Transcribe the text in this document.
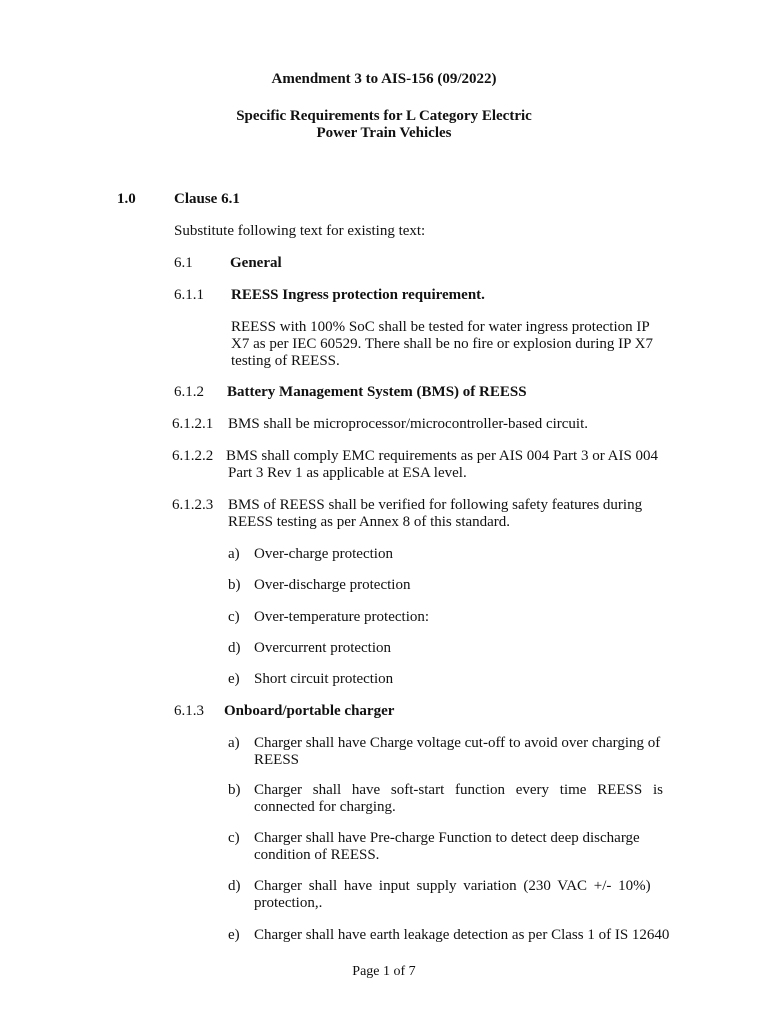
Amendment 3 to AIS-156 (09/2022)
Specific Requirements for L Category Electric
Power Train Vehicles
1.0	Clause 6.1
Substitute following text for existing text:
6.1 General
6.1.1 REESS Ingress protection requirement.
REESS with 100% SoC shall be tested for water ingress protection IP
X7 as per IEC 60529. There shall be no fire or explosion during IP X7
testing of REESS.
6.1.2 Battery Management System (BMS) of REESS
6.1.2.1 BMS shall be microprocessor/microcontroller-based circuit.
6.1.2.2 BMS shall comply EMC requirements as per AIS 004 Part 3 or AIS 004
Part 3 Rev 1 as applicable at ESA level.
6.1.2.3 BMS of REESS shall be verified for following safety features during
REESS testing as per Annex 8 of this standard.
a) Over-charge protection
b) Over-discharge protection
c) Over-temperature protection:
d) Overcurrent protection
e) Short circuit protection
6.1.3 Onboard/portable charger
a) Charger shall have Charge voltage cut-off to avoid over charging of
REESS
b) Charger shall have soft-start function every time REESS is
connected for charging.
c) Charger shall have Pre-charge Function to detect deep discharge
condition of REESS.
d) Charger shall have input supply variation (230 VAC +/- 10%)
protection,.
e) Charger shall have earth leakage detection as per Class 1 of IS 12640
Page 1 of 7
